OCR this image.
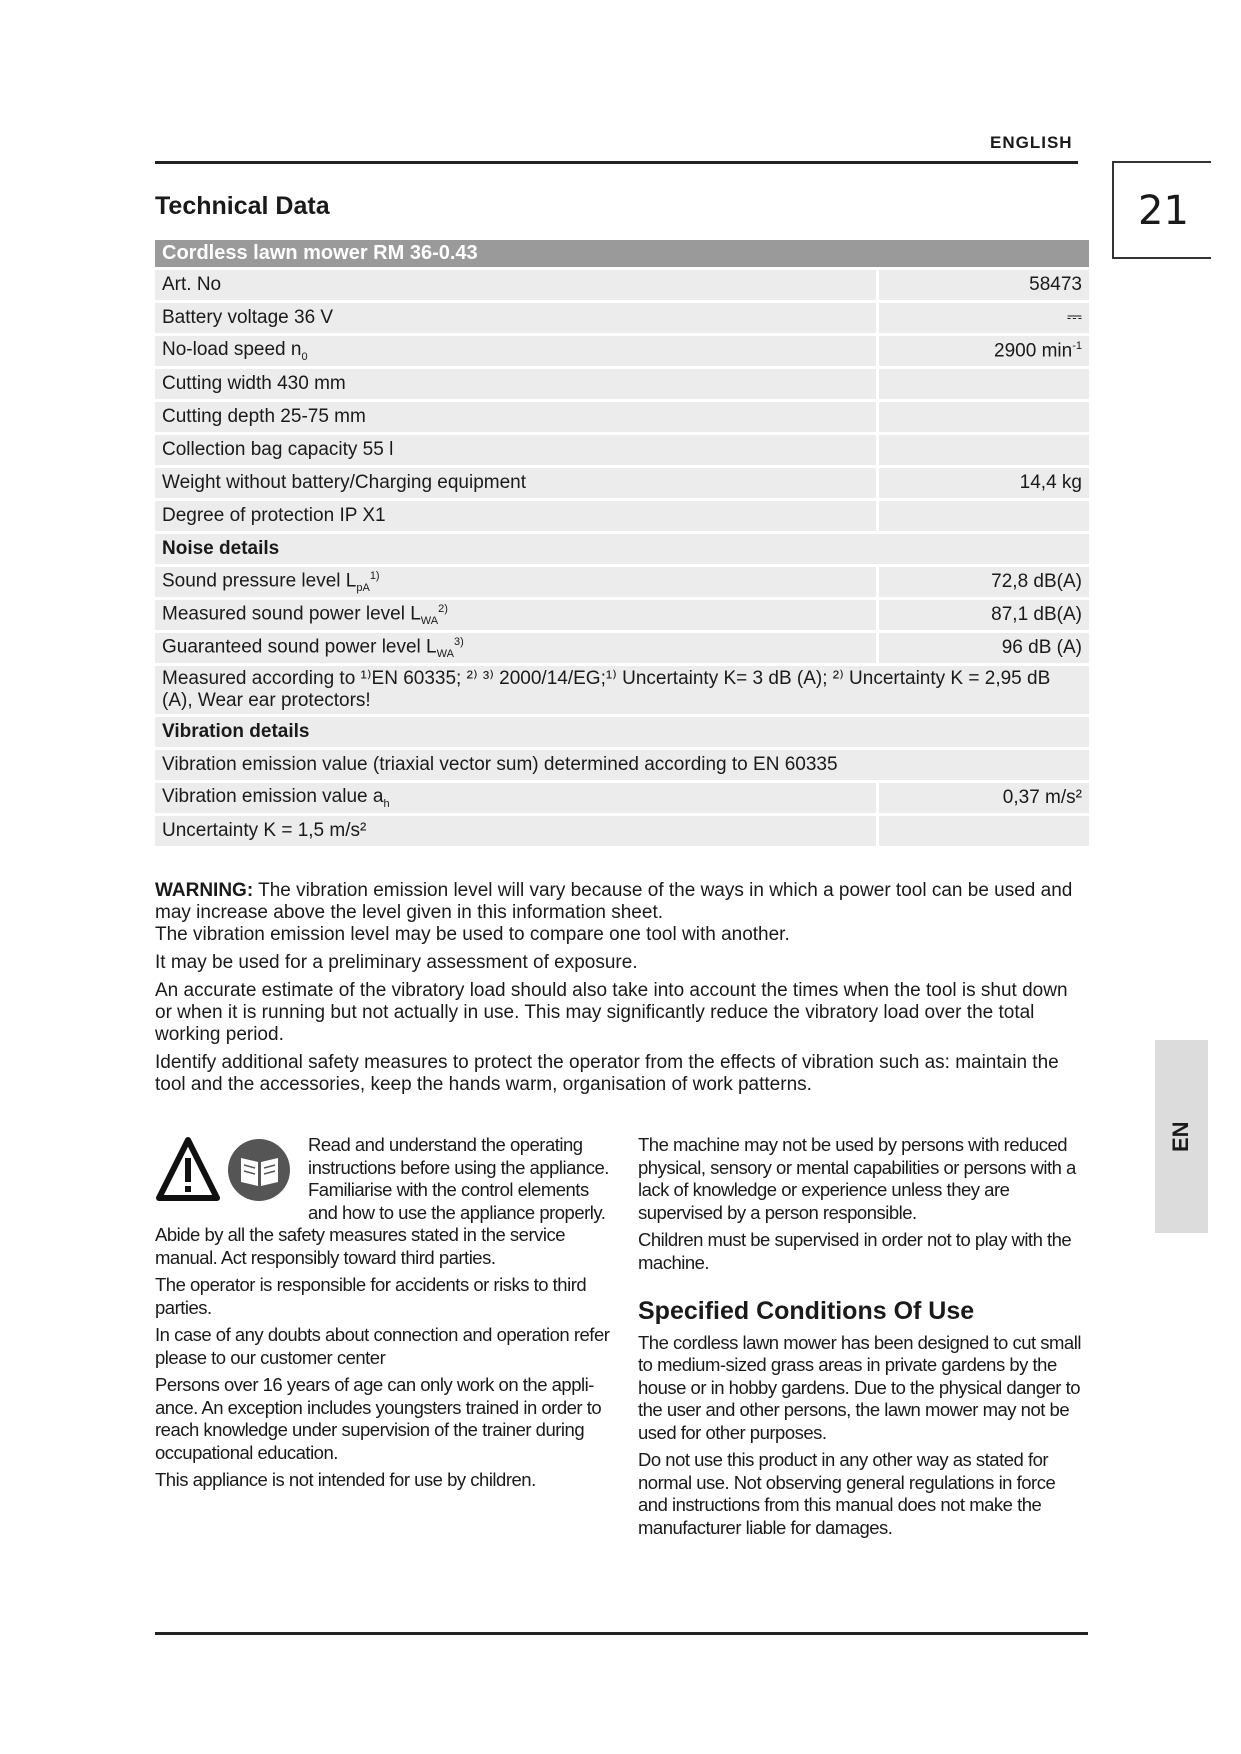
ENGLISH
21
Technical Data
Cordless lawn mower RM 36-0.43	
Art. No	58473
Battery voltage 36 V	⎓
No-load speed $n_0$	2900 $\min^{-1}$
Cutting width 430 mm	
Cutting depth 25-75 mm	
Collection bag capacity 55 l	
Weight without battery/Charging equipment	14,4 kg
Degree of protection IP X1	
Noise details	
Sound pressure level $L_{pA}^{1)}$	72,8 dB(A)
Measured sound power level $L_{WA}^{2)}$	87,1 dB(A)
Guaranteed sound power level $L_{WA}^{3)}$	96 dB (A)
Measured according to ¹⁾EN 60335; ²⁾ ³⁾ 2000/14/EG;¹⁾ Uncertainty K= 3 dB (A); ²⁾ Uncertainty K = 2,95 dB (A), Wear ear protectors!	
Vibration details	
Vibration emission value (triaxial vector sum) determined according to EN 60335	
Vibration emission value $a_h$	0,37 m/s²
Uncertainty K = 1,5 m/s²	

WARNING: The vibration emission level will vary because of the ways in which a power tool can be used and may increase above the level given in this information sheet.
The vibration emission level may be used to compare one tool with another.

It may be used for a preliminary assessment of exposure.

An accurate estimate of the vibratory load should also take into account the times when the tool is shut down or when it is running but not actually in use. This may significantly reduce the vibratory load over the total working period.

Identify additional safety measures to protect the operator from the effects of vibration such as: maintain the tool and the accessories, keep the hands warm, organisation of work patterns.

Read and understand the operating instructions before using the appliance. Familiarise with the control elements and how to use the appliance properly. Abide by all the safety measures stated in the service manual. Act responsibly toward third parties.

The operator is responsible for accidents or risks to third parties.

In case of any doubts about connection and operation refer please to our customer center

Persons over 16 years of age can only work on the appli-ance. An exception includes youngsters trained in order to reach knowledge under supervision of the trainer during occupational education.

This appliance is not intended for use by children.

The machine may not be used by persons with reduced physical, sensory or mental capabilities or persons with a lack of knowledge or experience unless they are supervised by a person responsible.

Children must be supervised in order not to play with the machine.

Specified Conditions Of Use

The cordless lawn mower has been designed to cut small to medium-sized grass areas in private gardens by the house or in hobby gardens. Due to the physical danger to the user and other persons, the lawn mower may not be used for other purposes.

Do not use this product in any other way as stated for normal use. Not observing general regulations in force and instructions from this manual does not make the manufacturer liable for damages.

EN
